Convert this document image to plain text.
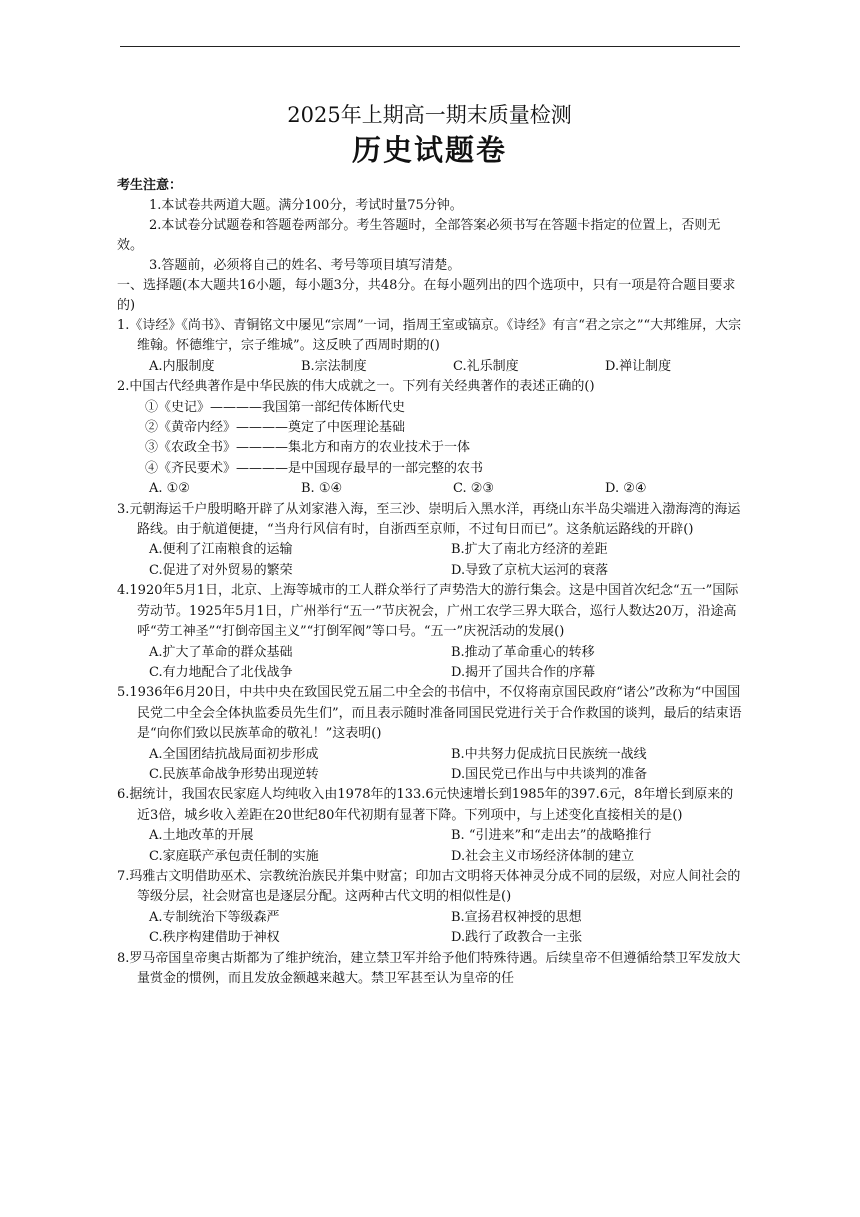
2025年上期高一期末质量检测

历史试题卷

考生注意：

1.本试卷共两道大题。满分100分，考试时量75分钟。

2.本试卷分试题卷和答题卷两部分。考生答题时，全部答案必须书写在答题卡指定的位置上，否则无效。

3.答题前，必须将自己的姓名、考号等项目填写清楚。

一、选择题(本大题共16小题，每小题3分，共48分。在每小题列出的四个选项中，只有一项是符合题目要求的)

1.《诗经》《尚书》、青铜铭文中屡见“宗周”一词，指周王室或镐京。《诗经》有言“君之宗之”“大邦维屏，大宗维翰。怀德维宁，宗子维城”。这反映了西周时期的()

A.内服制度	B.宗法制度	C.礼乐制度	D.禅让制度

2.中国古代经典著作是中华民族的伟大成就之一。下列有关经典著作的表述正确的()

①《史记》————我国第一部纪传体断代史

②《黄帝内经》————奠定了中医理论基础

③《农政全书》————集北方和南方的农业技术于一体

④《齐民要术》————是中国现存最早的一部完整的农书

A. ①②	B. ①④	C. ②③	D. ②④

3.元朝海运千户殷明略开辟了从刘家港入海，至三沙、崇明后入黑水洋，再绕山东半岛尖端进入渤海湾的海运路线。由于航道便捷，“当舟行风信有时，自浙西至京师，不过旬日而已”。这条航运路线的开辟()

A.便利了江南粮食的运输	B.扩大了南北方经济的差距
C.促进了对外贸易的繁荣	D.导致了京杭大运河的衰落

4.1920年5月1日，北京、上海等城市的工人群众举行了声势浩大的游行集会。这是中国首次纪念“五一”国际劳动节。1925年5月1日，广州举行“五一”节庆祝会，广州工农学三界大联合，巡行人数达20万，沿途高呼“劳工神圣”“打倒帝国主义”“打倒军阀”等口号。“五一”庆祝活动的发展()

A.扩大了革命的群众基础	B.推动了革命重心的转移
C.有力地配合了北伐战争	D.揭开了国共合作的序幕

5.1936年6月20日，中共中央在致国民党五届二中全会的书信中，不仅将南京国民政府“诸公”改称为“中国国民党二中全会全体执监委员先生们”，而且表示随时准备同国民党进行关于合作救国的谈判，最后的结束语是“向你们致以民族革命的敬礼！”这表明()

A.全国团结抗战局面初步形成	B.中共努力促成抗日民族统一战线
C.民族革命战争形势出现逆转	D.国民党已作出与中共谈判的准备

6.据统计，我国农民家庭人均纯收入由1978年的133.6元快速增长到1985年的397.6元，8年增长到原来的近3倍，城乡收入差距在20世纪80年代初期有显著下降。下列项中，与上述变化直接相关的是()

A.土地改革的开展	B. “引进来”和“走出去”的战略推行
C.家庭联产承包责任制的实施	D.社会主义市场经济体制的建立

7.玛雅古文明借助巫术、宗教统治族民并集中财富；印加古文明将天体神灵分成不同的层级，对应人间社会的等级分层，社会财富也是逐层分配。这两种古代文明的相似性是()

A.专制统治下等级森严	B.宣扬君权神授的思想
C.秩序构建借助于神权	D.践行了政教合一主张

8.罗马帝国皇帝奥古斯都为了维护统治，建立禁卫军并给予他们特殊待遇。后续皇帝不但遵循给禁卫军发放大量赏金的惯例，而且发放金额越来越大。禁卫军甚至认为皇帝的任
